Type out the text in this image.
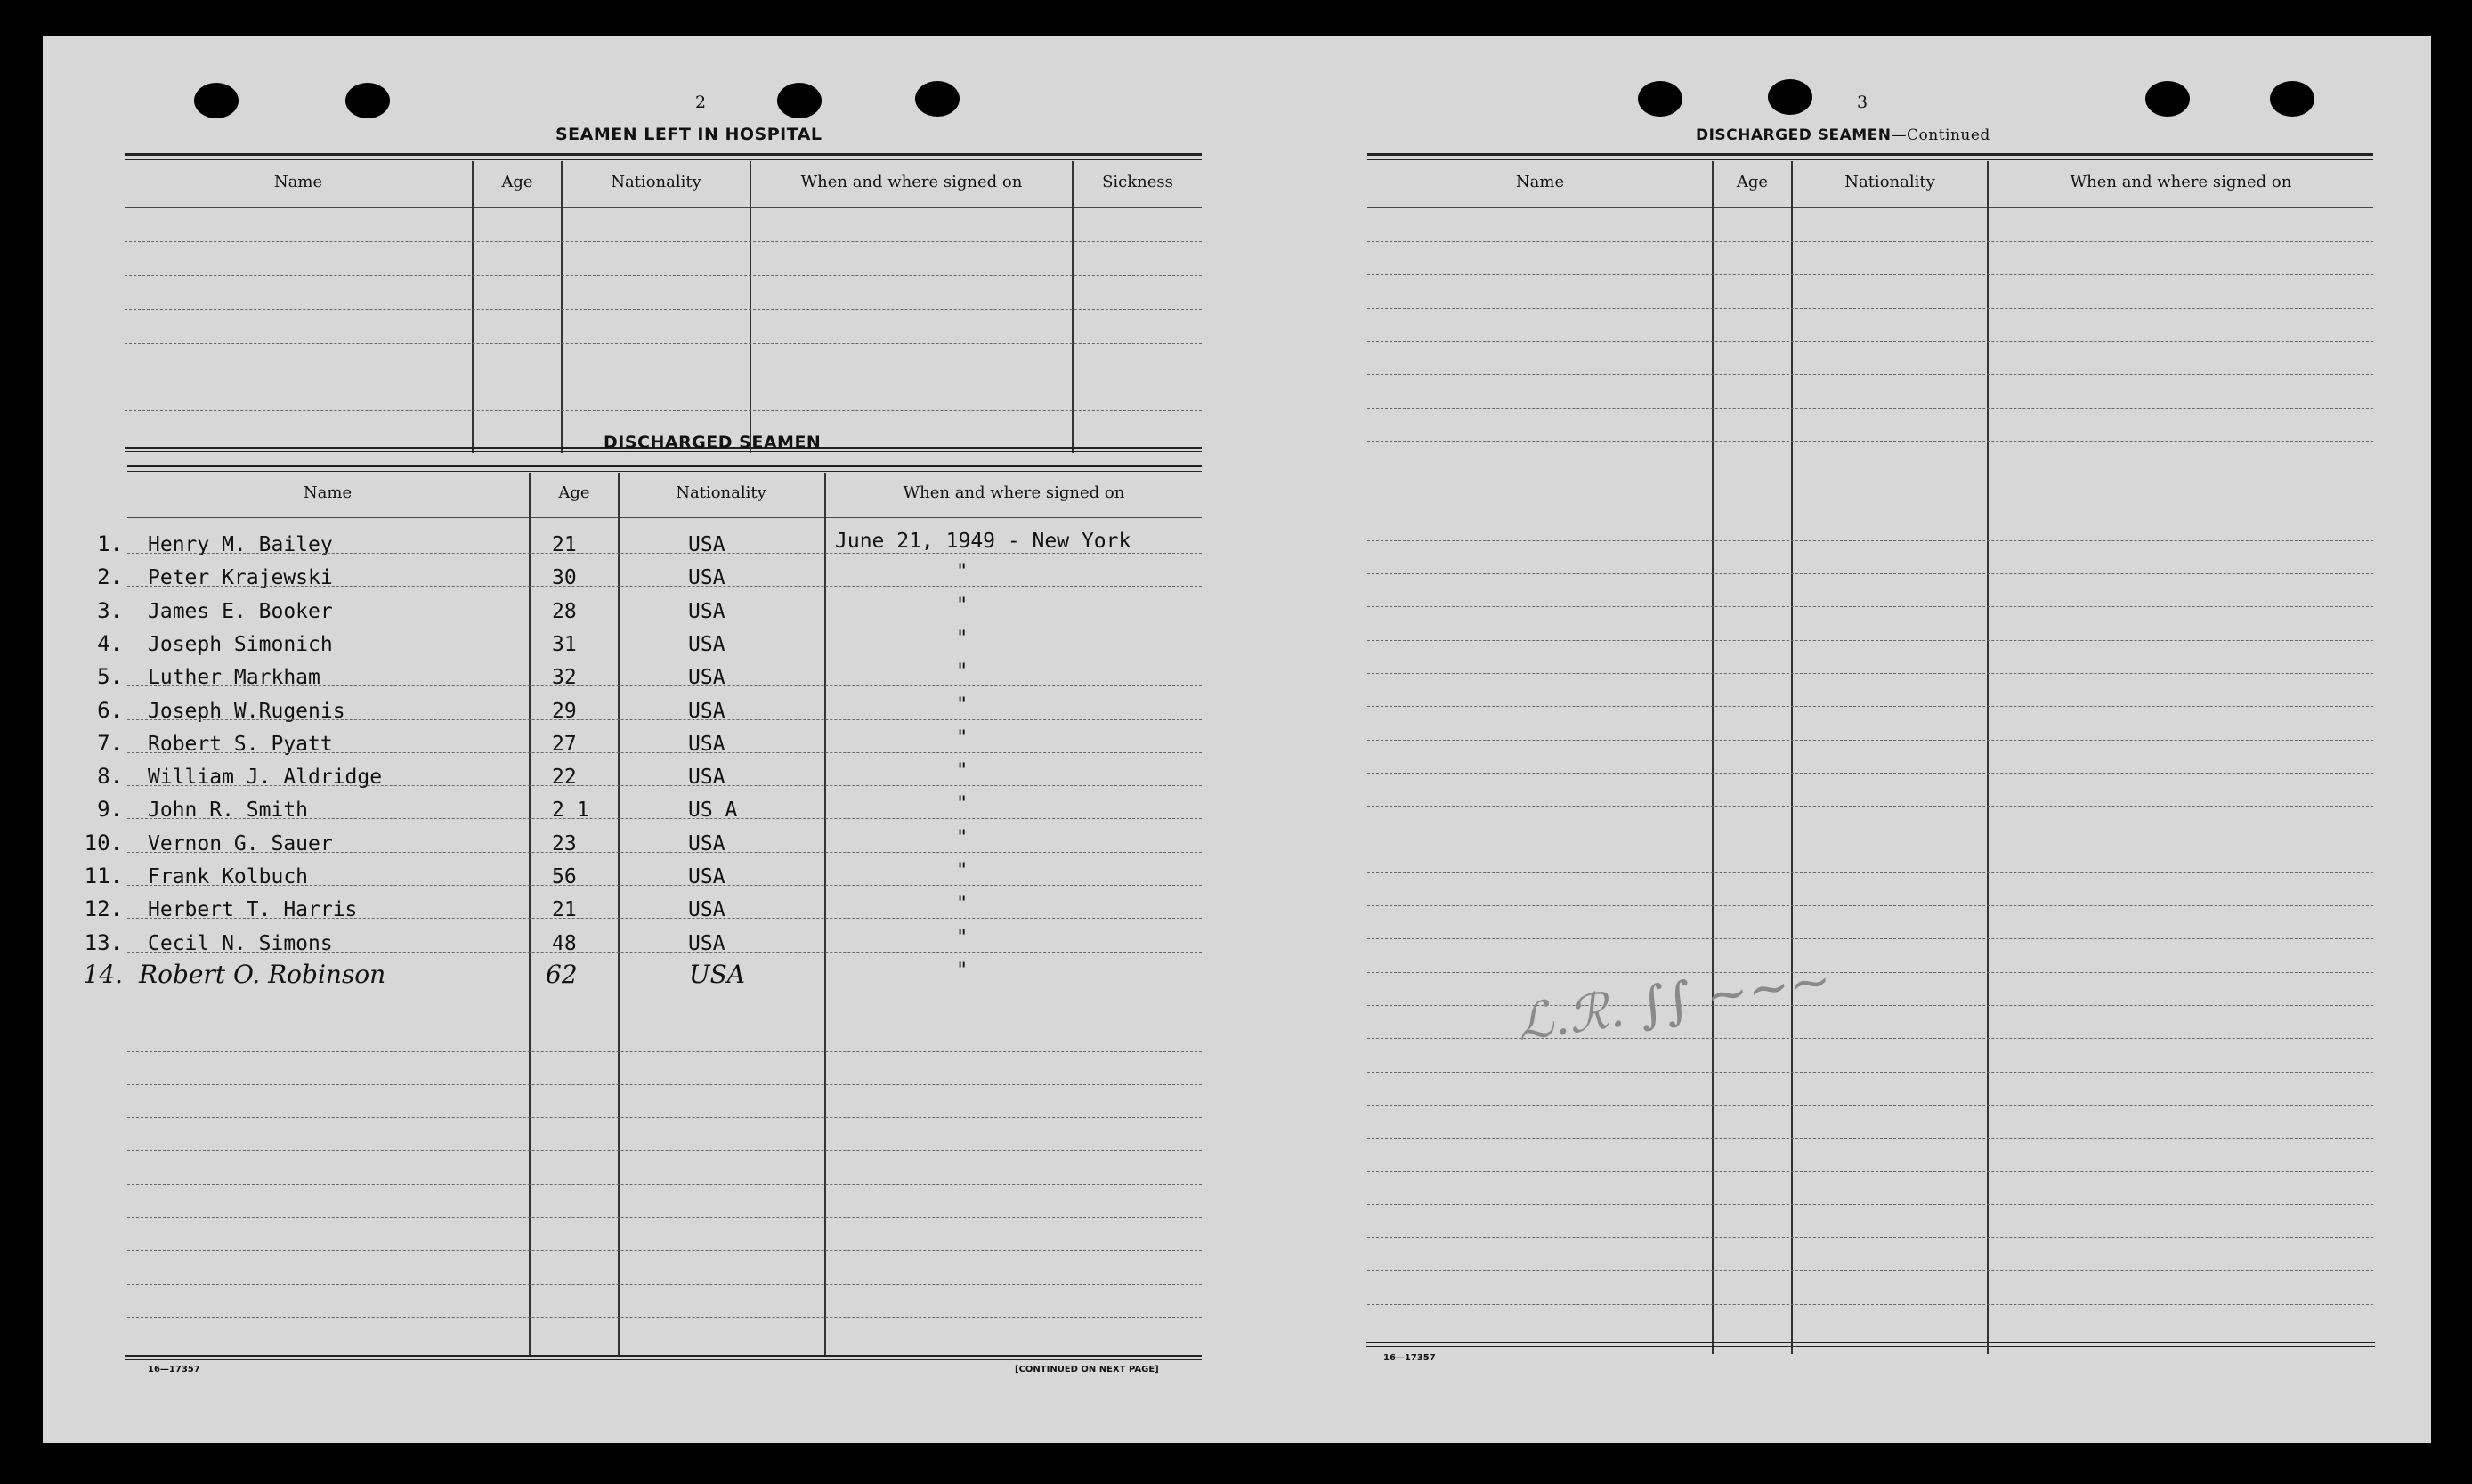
2
SEAMEN LEFT IN HOSPITAL
Name	Age	Nationality	When and where signed on	Sickness
DISCHARGED SEAMEN
Name	Age	Nationality	When and where signed on
1. Henry M. Bailey	21	USA	June 21, 1949 - New York
2. Peter Krajewski	30	USA	"
3. James E. Booker	28	USA	"
4. Joseph Simonich	31	USA	"
5. Luther Markham	32	USA	"
6. Joseph W.Rugenis	29	USA	"
7. Robert S. Pyatt	27	USA	"
8. William J. Aldridge	22	USA	"
9. John R. Smith	2 1	US A	"
10. Vernon G. Sauer	23	USA	"
11. Frank Kolbuch	56	USA	"
12. Herbert T. Harris	21	USA	"
13. Cecil N. Simons	48	USA	"
14. Robert O. Robinson	62	USA	"
16—17357	[CONTINUED ON NEXT PAGE]
3
DISCHARGED SEAMEN—Continued
Name	Age	Nationality	When and where signed on
16—17357
ℒ.ℛ. ∫∫ ~~~
